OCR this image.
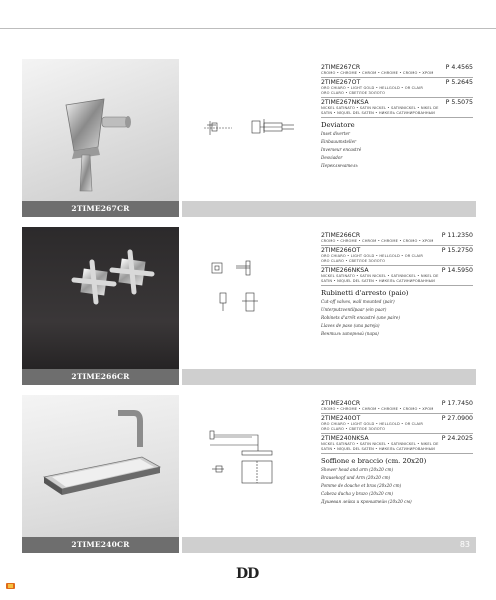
2TIME267CR
2TIME267CR	P 4.4565
CROMO • CHROME • CHROM • CHROME • CROMO • ХРОМ
2TIME267OT	P 5.2645
ORO CHIARO • LIGHT GOLD • HELLGOLD • OR CLAIR
ORO CLARO • СВЕТЛОЕ ЗОЛОТО
2TIME267NKSA	P 5.5075
NICKEL SATINATO • SATIN NICKEL • SATINNICKEL • NIKEL DE
SATIN • NÍQUEL DEL SATÉN • НИКЕЛЬ САТИНИРОВАННЫЙ
Deviatore
Inset diverter
Einbauumsteller
Inverseur encastré
Desviador
Переключатель
2TIME266CR
2TIME266CR	P 11.2350
CROMO • CHROME • CHROM • CHROME • CROMO • ХРОМ
2TIME266OT	P 15.2750
ORO CHIARO • LIGHT GOLD • HELLGOLD • OR CLAIR
ORO CLARO • СВЕТЛОЕ ЗОЛОТО
2TIME266NKSA	P 14.5950
NICKEL SATINATO • SATIN NICKEL • SATINNICKEL • NIKEL DE
SATIN • NÍQUEL DEL SATÉN • НИКЕЛЬ САТИНИРОВАННЫЙ
Rubinetti d'arresto (paio)
Cut-off valves, wall mounted (pair)
Unterputzventilpaar (ein paar)
Robinets d'arrêt encastré (une paire)
Llaves de paso (una pareja)
Вентиль запорный (пара)
2TIME240CR	83
2TIME240CR	P 17.7450
CROMO • CHROME • CHROM • CHROME • CROMO • ХРОМ
2TIME240OT	P 27.0900
ORO CHIARO • LIGHT GOLD • HELLGOLD • OR CLAIR
ORO CLARO • СВЕТЛОЕ ЗОЛОТО
2TIME240NKSA	P 24.2025
NICKEL SATINATO • SATIN NICKEL • SATINNICKEL • NIKEL DE
SATIN • NÍQUEL DEL SATÉN • НИКЕЛЬ САТИНИРОВАННЫЙ
Soffione e braccio (cm. 20x20)
Shower head and arm (20x20 cm)
Brausekopf und Arm (20x20 cm)
Pomme de douche et bras (20x20 cm)
Cabeza ducha y brazo (20x20 cm)
Душевая лейка и кронштейн (20x20 см)
DD
